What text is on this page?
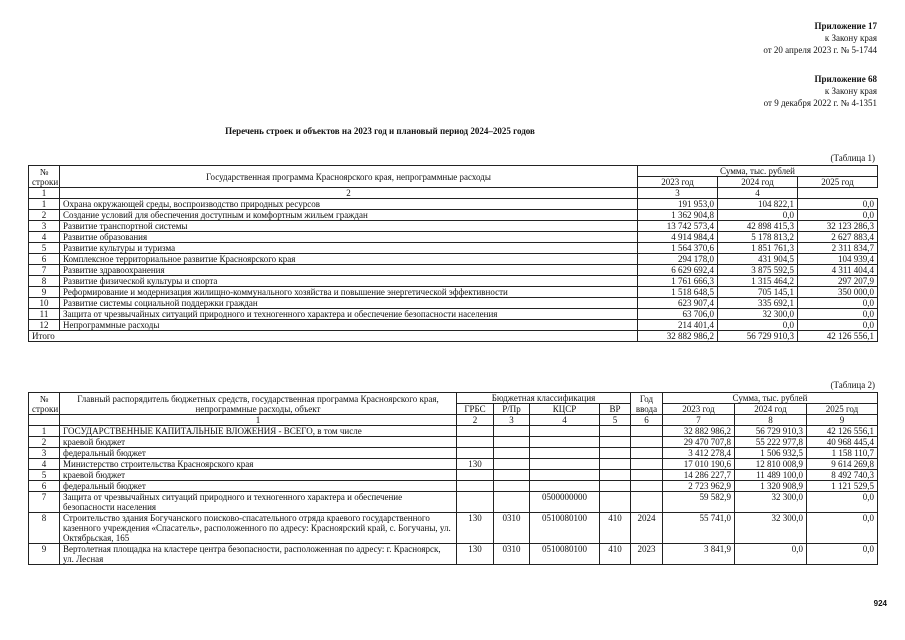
Приложение 17
к Закону края
от 20 апреля 2023 г. № 5-1744
Приложение 68
к Закону края
от 9 декабря 2022 г. № 4-1351
Перечень строек и объектов на 2023 год и плановый период 2024–2025 годов
(Таблица 1)
№ строки	Государственная программа Красноярского края, непрограммные расходы	Сумма, тыс. рублей		
		2023 год	2024 год	2025 год
1	2	3	4
1	Охрана окружающей среды, воспроизводство природных ресурсов	191 953,0	104 822,1	0,0
2	Создание условий для обеспечения доступным и комфортным жильем граждан	1 362 904,8	0,0	0,0
3	Развитие транспортной системы	13 742 573,4	42 898 415,3	32 123 286,3
4	Развитие образования	4 914 984,4	5 178 813,2	2 627 883,4
5	Развитие культуры и туризма	1 564 370,6	1 851 761,3	2 311 834,7
6	Комплексное территориальное развитие Красноярского края	294 178,0	431 904,5	104 939,4
7	Развитие здравоохранения	6 629 692,4	3 875 592,5	4 311 404,4
8	Развитие физической культуры и спорта	1 761 666,3	1 315 464,2	297 207,9
9	Реформирование и модернизация жилищно-коммунального хозяйства и повышение энергетической эффективности	1 518 648,5	705 145,1	350 000,0
10	Развитие системы социальной поддержки граждан	623 907,4	335 692,1	0,0
11	Защита от чрезвычайных ситуаций природного и техногенного характера и обеспечение безопасности населения	63 706,0	32 300,0	0,0
12	Непрограммные расходы	214 401,4	0,0	0,0
Итого		32 882 986,2	56 729 910,3	42 126 556,1
(Таблица 2)
№ строки	Главный распорядитель бюджетных средств, государственная программа Красноярского края, непрограммные расходы, объект	Бюджетная классификация				Год ввода	Сумма, тыс. рублей		
		ГРБС	Р/Пр	КЦСР	ВР		2023 год	2024 год	2025 год
	1	2	3	4	5	6	7	8	9
1	ГОСУДАРСТВЕННЫЕ КАПИТАЛЬНЫЕ ВЛОЖЕНИЯ - ВСЕГО, в том числе						32 882 986,2	56 729 910,3	42 126 556,1
2	краевой бюджет						29 470 707,8	55 222 977,8	40 968 445,4
3	федеральный бюджет						3 412 278,4	1 506 932,5	1 158 110,7
4	Министерство строительства Красноярского края	130					17 010 190,6	12 810 008,9	9 614 269,8
5	краевой бюджет						14 286 227,7	11 489 100,0	8 492 740,3
6	федеральный бюджет						2 723 962,9	1 320 908,9	1 121 529,5
7	Защита от чрезвычайных ситуаций природного и техногенного характера и обеспечение безопасности населения			0500000000			59 582,9	32 300,0	0,0
8	Строительство здания Богучанского поисково-спасательного отряда краевого государственного казенного учреждения «Спасатель», расположенного по адресу: Красноярский край, с. Богучаны, ул. Октябрьская, 165	130	0310	0510080100	410	2024	55 741,0	32 300,0	0,0
9	Вертолетная площадка на кластере центра безопасности, расположенная по адресу: г. Красноярск, ул. Лесная	130	0310	0510080100	410	2023	3 841,9	0,0	0,0
924
